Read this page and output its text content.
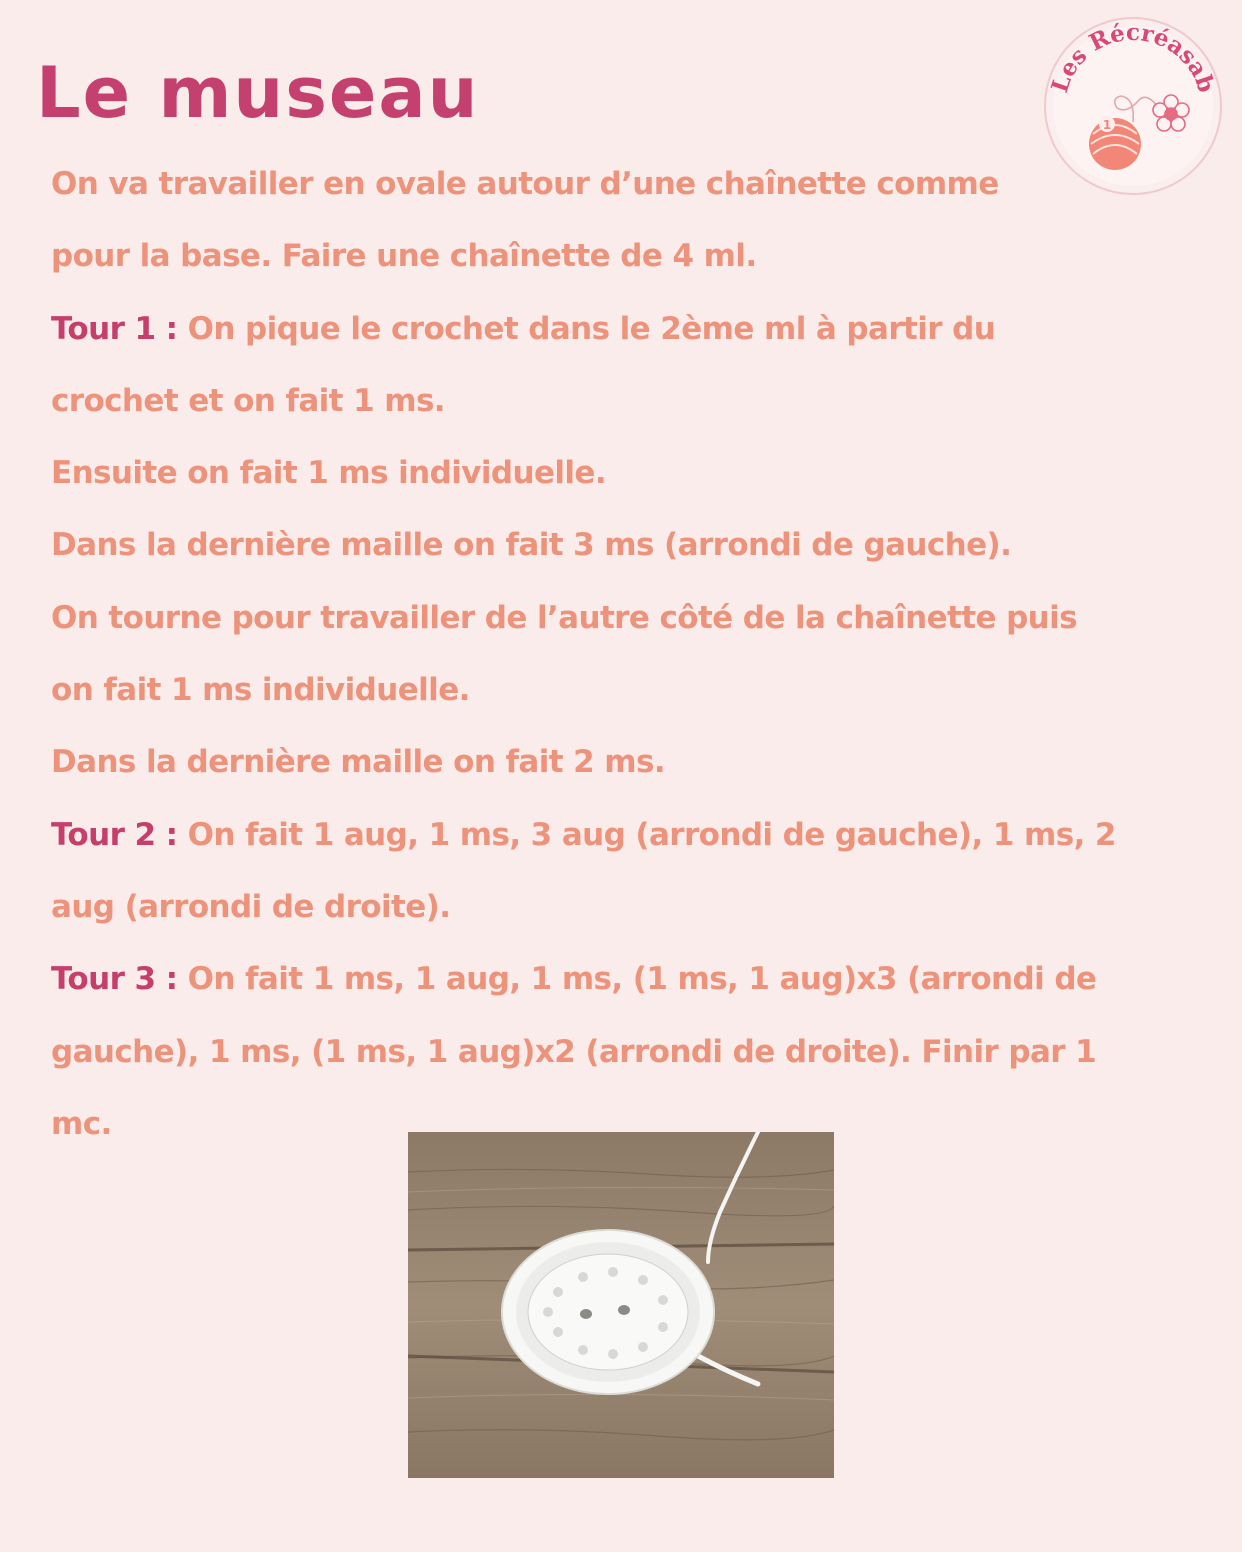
Le museau	Les Récréasab
1
On va travailler en ovale autour d’une chaînette comme
pour la base. Faire une chaînette de 4 ml.
Tour 1 : On pique le crochet dans le 2ème ml à partir du
crochet et on fait 1 ms.
Ensuite on fait 1 ms individuelle.
Dans la dernière maille on fait 3 ms (arrondi de gauche).
On tourne pour travailler de l’autre côté de la chaînette puis
on fait 1 ms individuelle.
Dans la dernière maille on fait 2 ms.
Tour 2 : On fait 1 aug, 1 ms, 3 aug (arrondi de gauche), 1 ms, 2
aug (arrondi de droite).
Tour 3 : On fait 1 ms, 1 aug, 1 ms, (1 ms, 1 aug)x3 (arrondi de
gauche), 1 ms, (1 ms, 1 aug)x2 (arrondi de droite). Finir par 1
mc.
